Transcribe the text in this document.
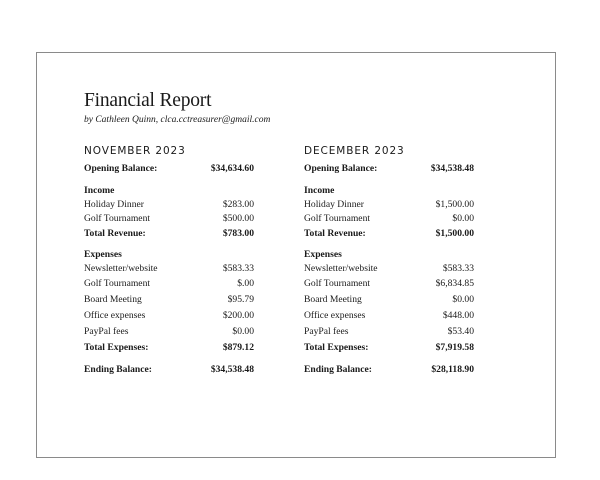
Financial Report
by Cathleen Quinn, clca.cctreasurer@gmail.com
NOVEMBER 2023
Opening Balance:	$34,634.60
Income
Holiday Dinner	$283.00
Golf Tournament	$500.00
Total Revenue:	$783.00
Expenses
Newsletter/website	$583.33
Golf Tournament	$.00
Board Meeting	$95.79
Office expenses	$200.00
PayPal fees	$0.00
Total Expenses:	$879.12
Ending Balance:	$34,538.48
DECEMBER 2023
Opening Balance:	$34,538.48
Income
Holiday Dinner	$1,500.00
Golf Tournament	$0.00
Total Revenue:	$1,500.00
Expenses
Newsletter/website	$583.33
Golf Tournament	$6,834.85
Board Meeting	$0.00
Office expenses	$448.00
PayPal fees	$53.40
Total Expenses:	$7,919.58
Ending Balance:	$28,118.90
